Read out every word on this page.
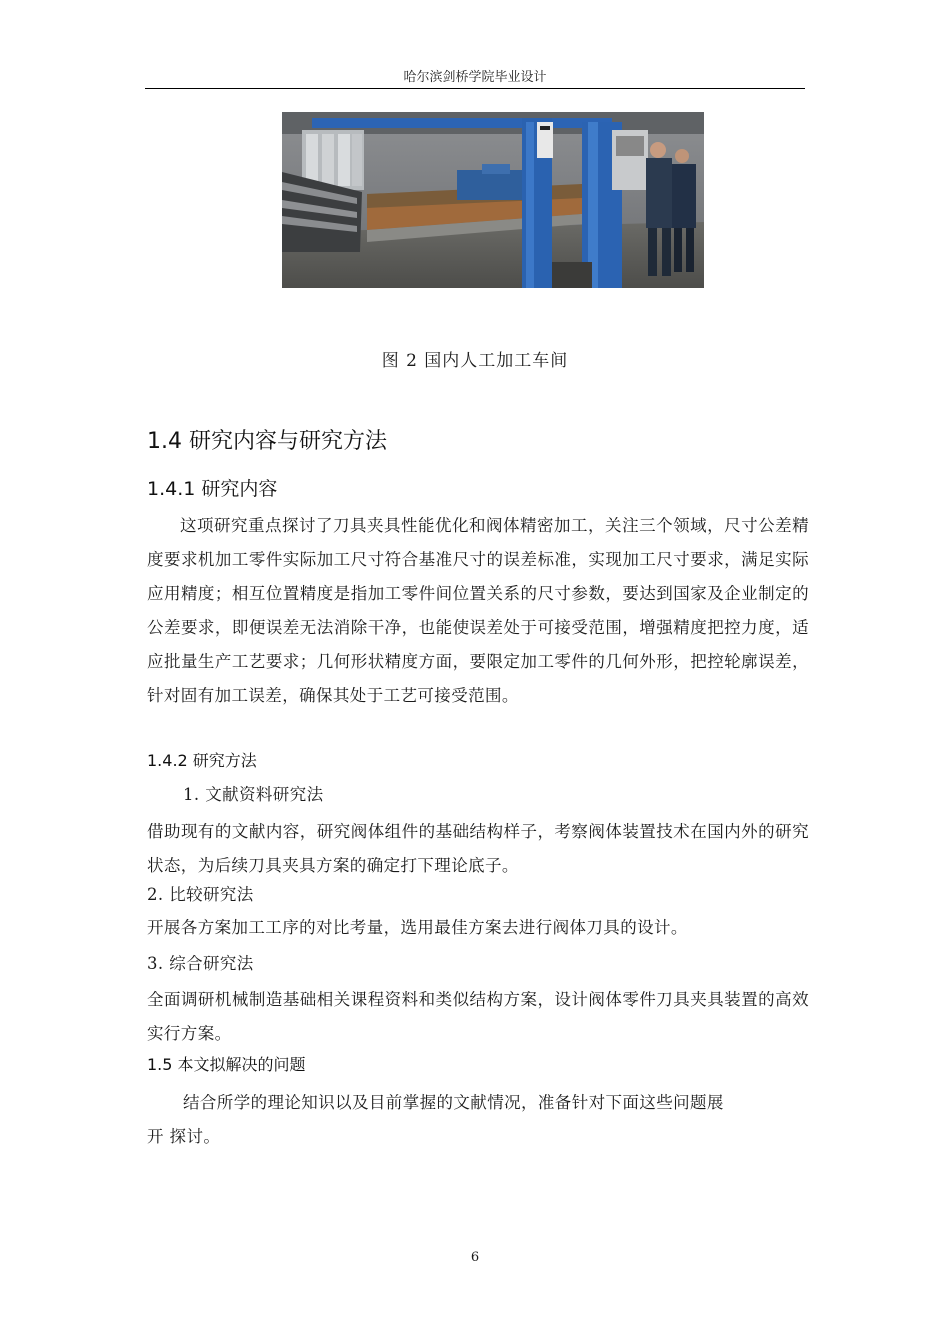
哈尔滨剑桥学院毕业设计
图 2 国内人工加工车间
1.4 研究内容与研究方法
1.4.1 研究内容
这项研究重点探讨了刀具夹具性能优化和阀体精密加工，关注三个领域，尺寸公差精度要求机加工零件实际加工尺寸符合基准尺寸的误差标准，实现加工尺寸要求，满足实际应用精度；相互位置精度是指加工零件间位置关系的尺寸参数，要达到国家及企业制定的公差要求，即便误差无法消除干净，也能使误差处于可接受范围，增强精度把控力度，适应批量生产工艺要求；几何形状精度方面，要限定加工零件的几何外形，把控轮廓误差，针对固有加工误差，确保其处于工艺可接受范围。
1.4.2 研究方法
1. 文献资料研究法
借助现有的文献内容，研究阀体组件的基础结构样子，考察阀体装置技术在国内外的研究状态，为后续刀具夹具方案的确定打下理论底子。
2. 比较研究法
开展各方案加工工序的对比考量，选用最佳方案去进行阀体刀具的设计。
3. 综合研究法
全面调研机械制造基础相关课程资料和类似结构方案，设计阀体零件刀具夹具装置的高效实行方案。
1.5 本文拟解决的问题
结合所学的理论知识以及目前掌握的文献情况，准备针对下面这些问题展
开 探讨。
6
